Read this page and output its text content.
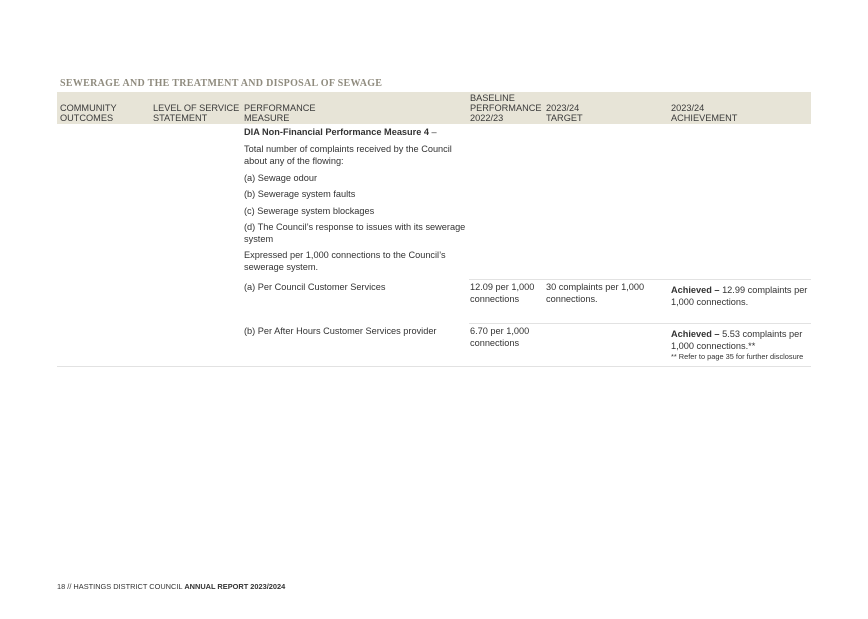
SEWERAGE AND THE TREATMENT AND DISPOSAL OF SEWAGE
COMMUNITY
OUTCOMES
LEVEL OF SERVICE
STATEMENT
PERFORMANCE
MEASURE
BASELINE
PERFORMANCE
2022/23
2023/24
TARGET
2023/24
ACHIEVEMENT
DIA Non-Financial Performance Measure 4 –
Total number of complaints received by the Council about any of the flowing:
(a) Sewage odour
(b) Sewerage system faults
(c) Sewerage system blockages
(d) The Council’s response to issues with its sewerage system
Expressed per 1,000 connections to the Council’s sewerage system.
(a) Per Council Customer Services	12.09 per 1,000 connections
30 complaints per 1,000 connections.
Achieved – 12.99 complaints per 1,000 connections.
(b) Per After Hours Customer Services provider	6.70 per 1,000 connections
Achieved – 5.53 complaints per 1,000 connections.**
** Refer to page 35 for further disclosure
18 // HASTINGS DISTRICT COUNCIL ANNUAL REPORT 2023/2024
